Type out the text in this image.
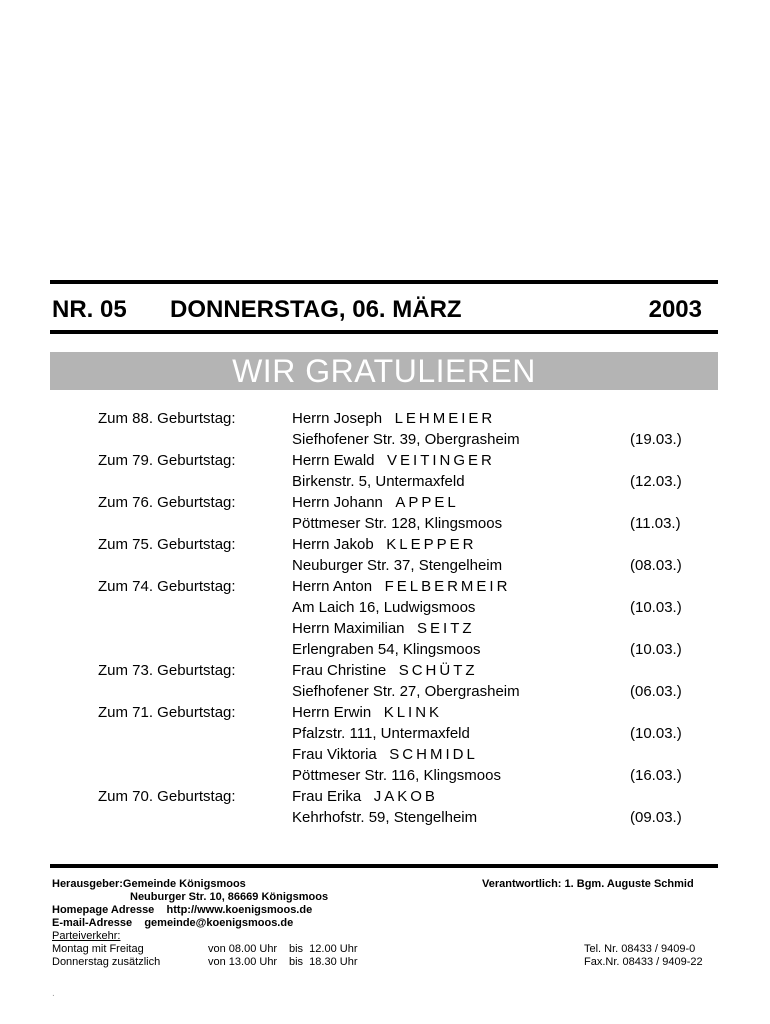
NR. 05 DONNERSTAG, 06. MÄRZ	2003
WIR GRATULIEREN
Zum 88. Geburtstag:	Herrn Joseph LEHMEIER
Siefhofener Str. 39, Obergrasheim	(19.03.)
Zum 79. Geburtstag:	Herrn Ewald VEITINGER
Birkenstr. 5, Untermaxfeld	(12.03.)
Zum 76. Geburtstag:	Herrn Johann APPEL
Pöttmeser Str. 128, Klingsmoos	(11.03.)
Zum 75. Geburtstag:	Herrn Jakob KLEPPER
Neuburger Str. 37, Stengelheim	(08.03.)
Zum 74. Geburtstag:	Herrn Anton FELBERMEIR
Am Laich 16, Ludwigsmoos	(10.03.)
Herrn Maximilian SEITZ
Erlengraben 54, Klingsmoos	(10.03.)
Zum 73. Geburtstag:	Frau Christine SCHÜTZ
Siefhofener Str. 27, Obergrasheim	(06.03.)
Zum 71. Geburtstag:	Herrn Erwin KLINK
Pfalzstr. 111, Untermaxfeld	(10.03.)
Frau Viktoria SCHMIDL
Pöttmeser Str. 116, Klingsmoos	(16.03.)
Zum 70. Geburtstag:	Frau Erika JAKOB
Kehrhofstr. 59, Stengelheim	(09.03.)
Herausgeber:Gemeinde Königsmoos	Verantwortlich: 1. Bgm. Auguste Schmid
Neuburger Str. 10, 86669 Königsmoos
Homepage Adresse http://www.koenigsmoos.de
E-mail-Adresse gemeinde@koenigsmoos.de
Parteiverkehr:
Montag mit Freitag	von 08.00 Uhr bis  12.00 Uhr	Tel. Nr. 08433 / 9409-0
Donnerstag zusätzlich	von 13.00 Uhr bis  18.30 Uhr	Fax.Nr. 08433 / 9409-22
.
